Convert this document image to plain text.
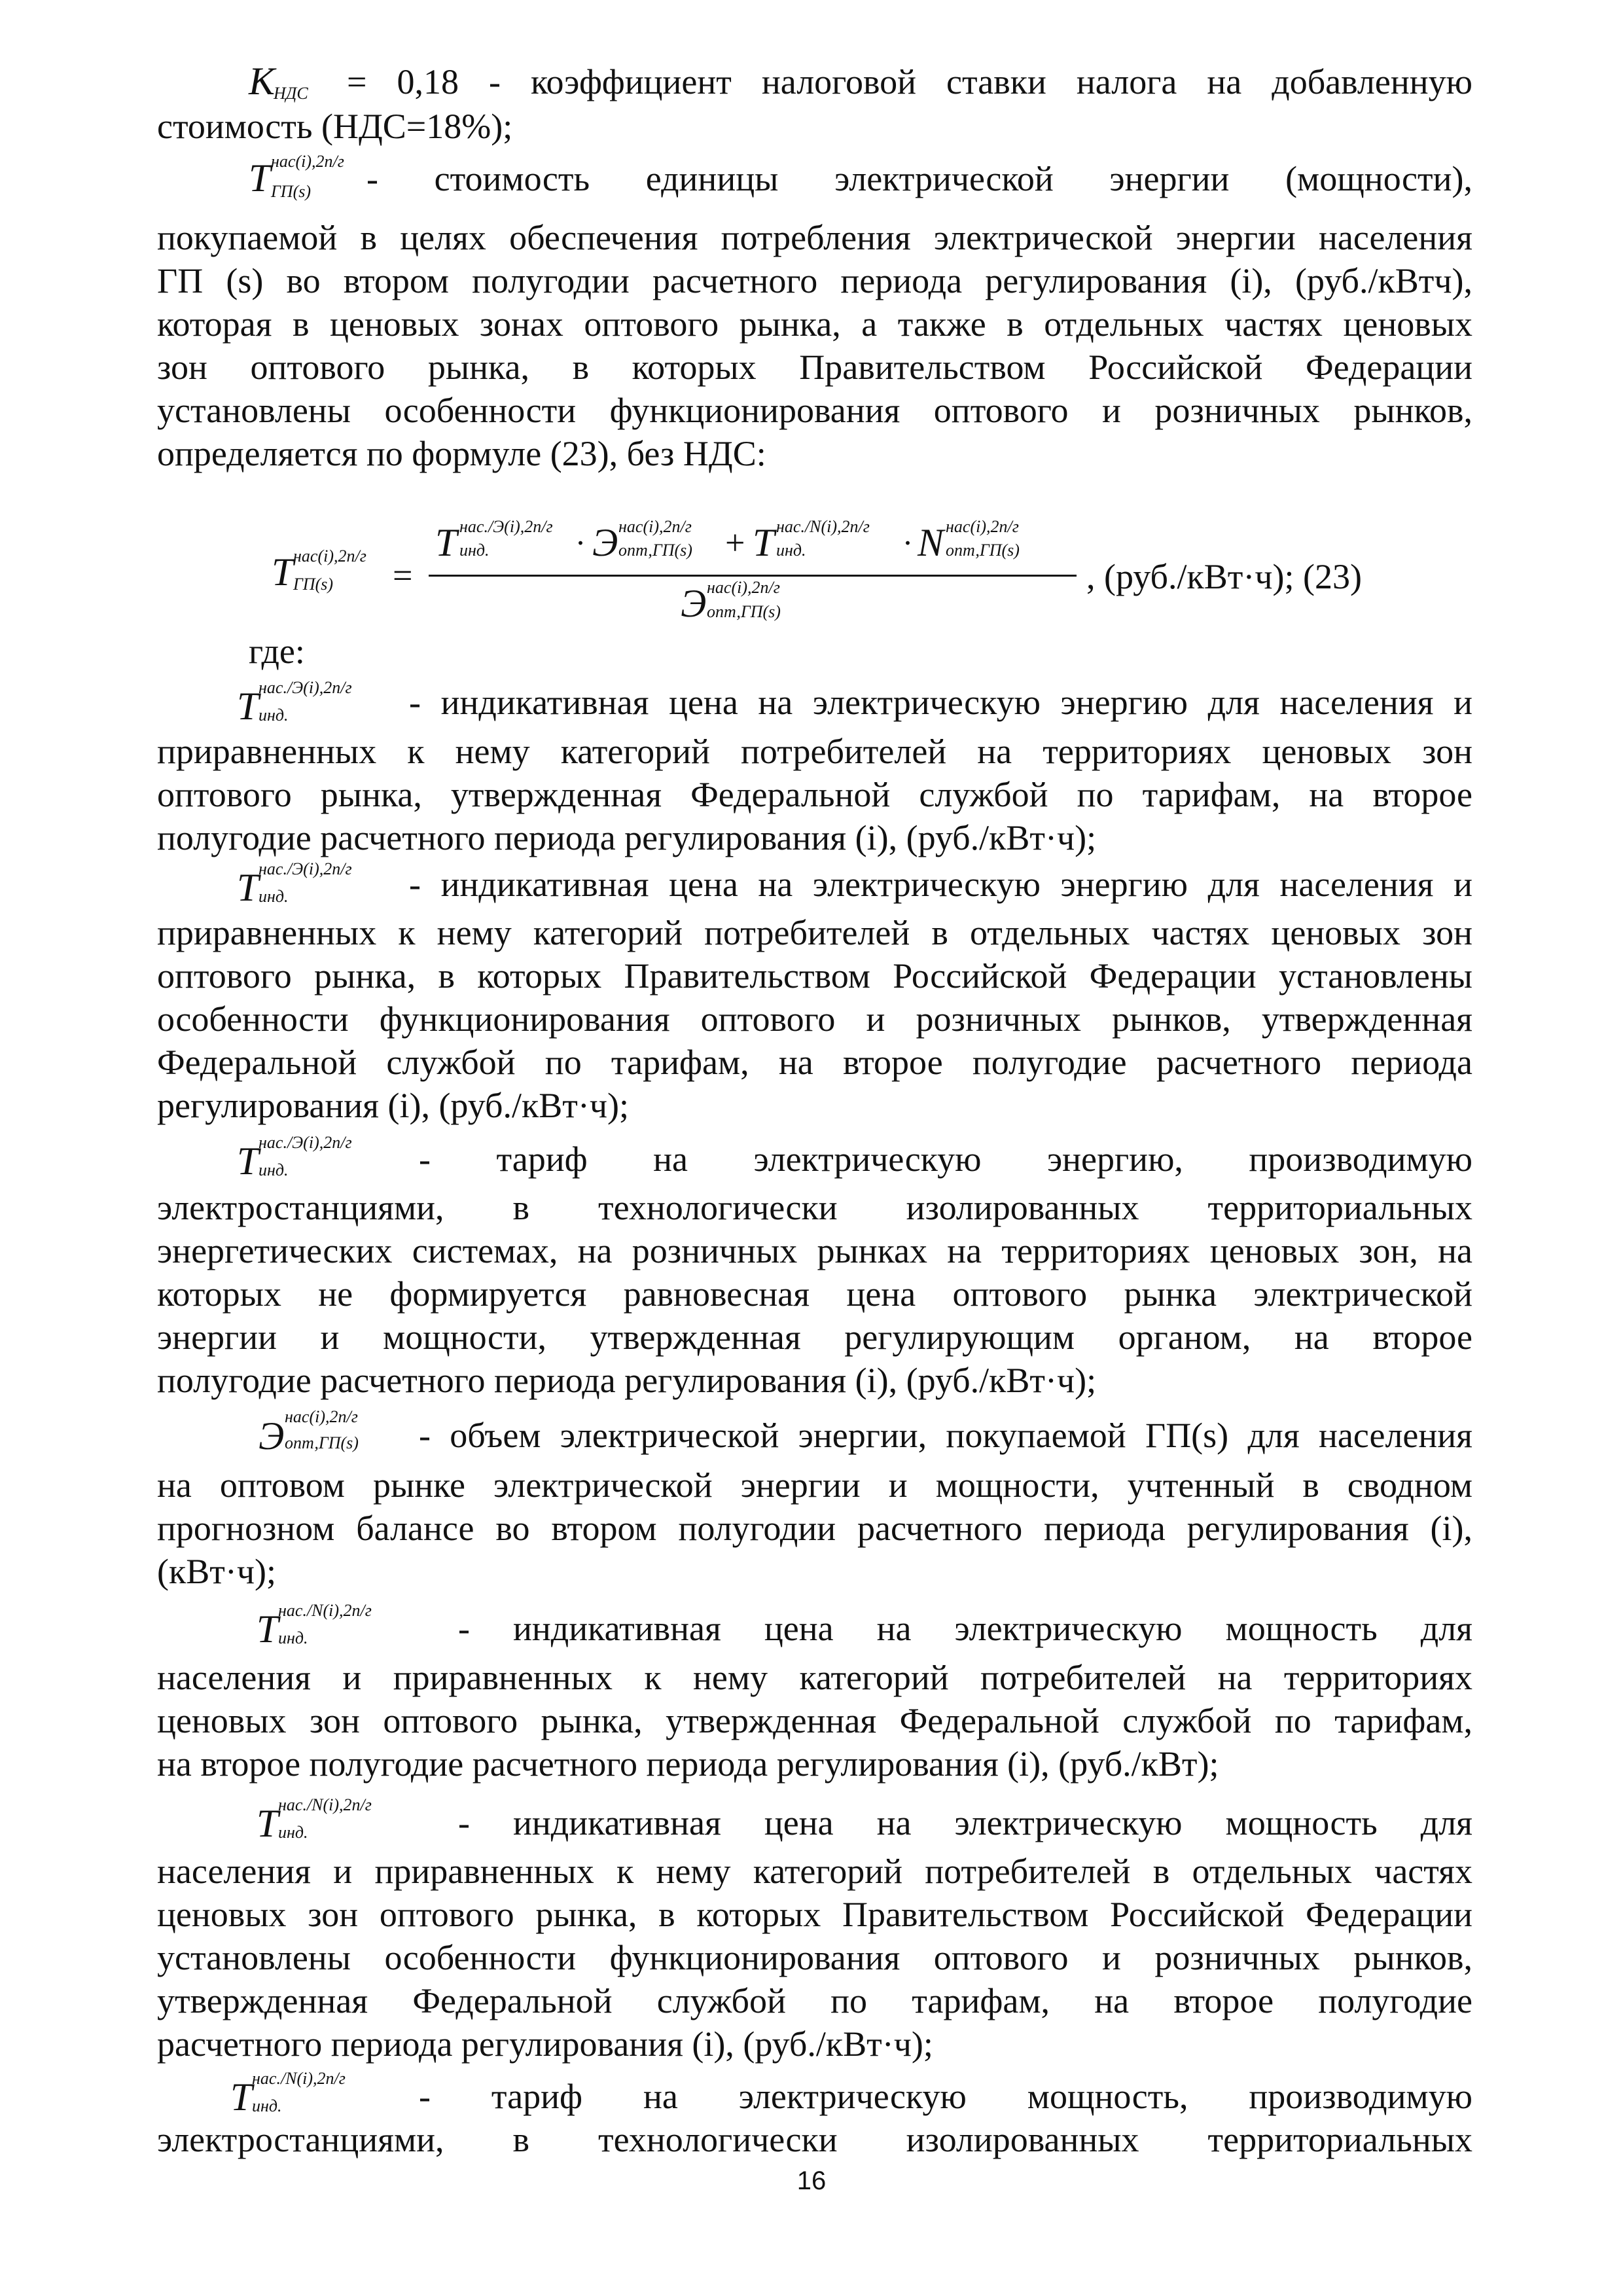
K
НДС = 0,18 - коэффициент налоговой ставки налога на добавленную
стоимость (НДС=18%);
T нас(i),2п/г
ГП(s) - стоимость единицы электрической энергии (мощности),
покупаемой в целях обеспечения потребления электрической энергии населения
ГП (s) во втором полугодии расчетного периода регулирования (i), (руб./кВтч),
которая в ценовых зонах оптового рынка, а также в отдельных частях ценовых
зон оптового рынка, в которых Правительством Российской Федерации
установлены особенности функционирования оптового и розничных рынков,
определяется по формуле (23), без НДС:
T нас(i),2п/г
ГП(s) =
T нас./Э(i),2п/г
инд.	· Э нас(i),2п/г
опт,ГП(s) + T нас./N(i),2п/г
инд.	· N нас(i),2п/г
опт,ГП(s)
Э нас(i),2п/г
опт,ГП(s)
, (руб./кВт·ч); (23)
где:
T нас./Э(i),2п/г
инд.	- индикативная цена на электрическую энергию для населения и
приравненных к нему категорий потребителей на территориях ценовых зон
оптового рынка, утвержденная Федеральной службой по тарифам, на второе
полугодие расчетного периода регулирования (i), (руб./кВт·ч);
T нас./Э(i),2п/г
инд.	- индикативная цена на электрическую энергию для населения и
приравненных к нему категорий потребителей в отдельных частях ценовых зон
оптового рынка, в которых Правительством Российской Федерации установлены
особенности функционирования оптового и розничных рынков, утвержденная
Федеральной службой по тарифам, на второе полугодие расчетного периода
регулирования (i), (руб./кВт·ч);
T нас./Э(i),2п/г
инд.	- тариф на электрическую энергию, производимую
электростанциями, в технологически изолированных территориальных
энергетических системах, на розничных рынках на территориях ценовых зон, на
которых не формируется равновесная цена оптового рынка электрической
энергии и мощности, утвержденная регулирующим органом, на второе
полугодие расчетного периода регулирования (i), (руб./кВт·ч);
Э нас(i),2п/г
опт,ГП(s) - объем электрической энергии, покупаемой ГП(s) для населения
на оптовом рынке электрической энергии и мощности, учтенный в сводном
прогнозном балансе во втором полугодии расчетного периода регулирования (i),
(кВт·ч);
T нас./N(i),2п/г
инд.	- индикативная цена на электрическую мощность для
населения и приравненных к нему категорий потребителей на территориях
ценовых зон оптового рынка, утвержденная Федеральной службой по тарифам,
на второе полугодие расчетного периода регулирования (i), (руб./кВт);
T нас./N(i),2п/г
инд.	- индикативная цена на электрическую мощность для
населения и приравненных к нему категорий потребителей в отдельных частях
ценовых зон оптового рынка, в которых Правительством Российской Федерации
установлены особенности функционирования оптового и розничных рынков,
утвержденная Федеральной службой по тарифам, на второе полугодие
расчетного периода регулирования (i), (руб./кВт·ч);
T нас./N(i),2п/г
инд.	- тариф на электрическую мощность, производимую
электростанциями, в технологически изолированных территориальных
16
